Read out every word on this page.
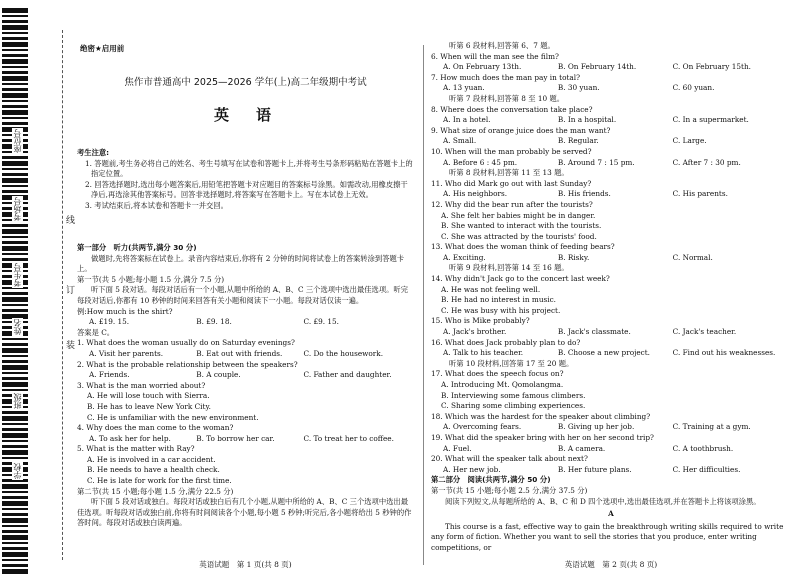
座位号
考场号
考生号
姓名
班级
学校
线
订
装
绝密★启用前
焦作市普通高中 2025—2026 学年(上)高二年级期中考试
英　语

考生注意:

1. 答题前,考生务必将自己的姓名、考生号填写在试卷和答题卡上,并将考生号条形码粘贴在答题卡上的指定位置。

2. 回答选择题时,选出每小题答案后,用铅笔把答题卡对应题目的答案标号涂黑。如需改动,用橡皮擦干净后,再选涂其他答案标号。回答非选择题时,将答案写在答题卡上。写在本试卷上无效。

3. 考试结束后,将本试卷和答题卡一并交回。

第一部分　听力(共两节,满分 30 分)

做题时,先将答案标在试卷上。录音内容结束后,你将有 2 分钟的时间将试卷上的答案转涂到答题卡上。

第一节(共 5 小题;每小题 1.5 分,满分 7.5 分)

听下面 5 段对话。每段对话后有一个小题,从题中所给的 A、B、C 三个选项中选出最佳选项。听完每段对话后,你都有 10 秒钟的时间来回答有关小题和阅读下一小题。每段对话仅读一遍。

例:How much is the shirt?

A. £19. 15.	B. £9. 18.	C. £9. 15.

答案是 C。

1. What does the woman usually do on Saturday evenings?

A. Visit her parents.	B. Eat out with friends.	C. Do the housework.

2. What is the probable relationship between the speakers?

A. Friends.	B. A couple.	C. Father and daughter.

3. What is the man worried about?

A. He will lose touch with Sierra.

B. He has to leave New York City.

C. He is unfamiliar with the new environment.

4. Why does the man come to the woman?

A. To ask her for help.	B. To borrow her car.	C. To treat her to coffee.

5. What is the matter with Ray?

A. He is involved in a car accident.

B. He needs to have a health check.

C. He is late for work for the first time.

第二节(共 15 小题;每小题 1.5 分,满分 22.5 分)

听下面 5 段对话或独白。每段对话或独白后有几个小题,从题中所给的 A、B、C 三个选项中选出最佳选项。听每段对话或独白前,你将有时间阅读各个小题,每小题 5 秒钟;听完后,各小题将给出 5 秒钟的作答时间。每段对话或独白读两遍。

英语试题　第 1 页(共 8 页)

听第 6 段材料,回答第 6、7 题。

6. When will the man see the film?

A. On February 13th.	B. On February 14th.	C. On February 15th.

7. How much does the man pay in total?

A. 13 yuan.	B. 30 yuan.	C. 60 yuan.

听第 7 段材料,回答第 8 至 10 题。

8. Where does the conversation take place?

A. In a hotel.	B. In a hospital.	C. In a supermarket.

9. What size of orange juice does the man want?

A. Small.	B. Regular.	C. Large.

10. When will the man probably be served?

A. Before 6 : 45 pm.	B. Around 7 : 15 pm.	C. After 7 : 30 pm.

听第 8 段材料,回答第 11 至 13 题。

11. Who did Mark go out with last Sunday?

A. His neighbors.	B. His friends.	C. His parents.

12. Why did the bear run after the tourists?

A. She felt her babies might be in danger.

B. She wanted to interact with the tourists.

C. She was attracted by the tourists' food.

13. What does the woman think of feeding bears?

A. Exciting.	B. Risky.	C. Normal.

听第 9 段材料,回答第 14 至 16 题。

14. Why didn't Jack go to the concert last week?

A. He was not feeling well.

B. He had no interest in music.

C. He was busy with his project.

15. Who is Mike probably?

A. Jack's brother.	B. Jack's classmate.	C. Jack's teacher.

16. What does Jack probably plan to do?

A. Talk to his teacher.	B. Choose a new project.	C. Find out his weaknesses.

听第 10 段材料,回答第 17 至 20 题。

17. What does the speech focus on?

A. Introducing Mt. Qomolangma.

B. Interviewing some famous climbers.

C. Sharing some climbing experiences.

18. Which was the hardest for the speaker about climbing?

A. Overcoming fears.	B. Giving up her job.	C. Training at a gym.

19. What did the speaker bring with her on her second trip?

A. Fuel.	B. A camera.	C. A toothbrush.

20. What will the speaker talk about next?

A. Her new job.	B. Her future plans.	C. Her difficulties.

第二部分　阅读(共两节,满分 50 分)

第一节(共 15 小题;每小题 2.5 分,满分 37.5 分)

阅读下列短文,从每题所给的 A、B、C 和 D 四个选项中,选出最佳选项,并在答题卡上将该项涂黑。

A

This course is a fast, effective way to gain the breakthrough writing skills required to write any form of fiction. Whether you want to sell the stories that you produce, enter writing competitions, or

英语试题　第 2 页(共 8 页)
